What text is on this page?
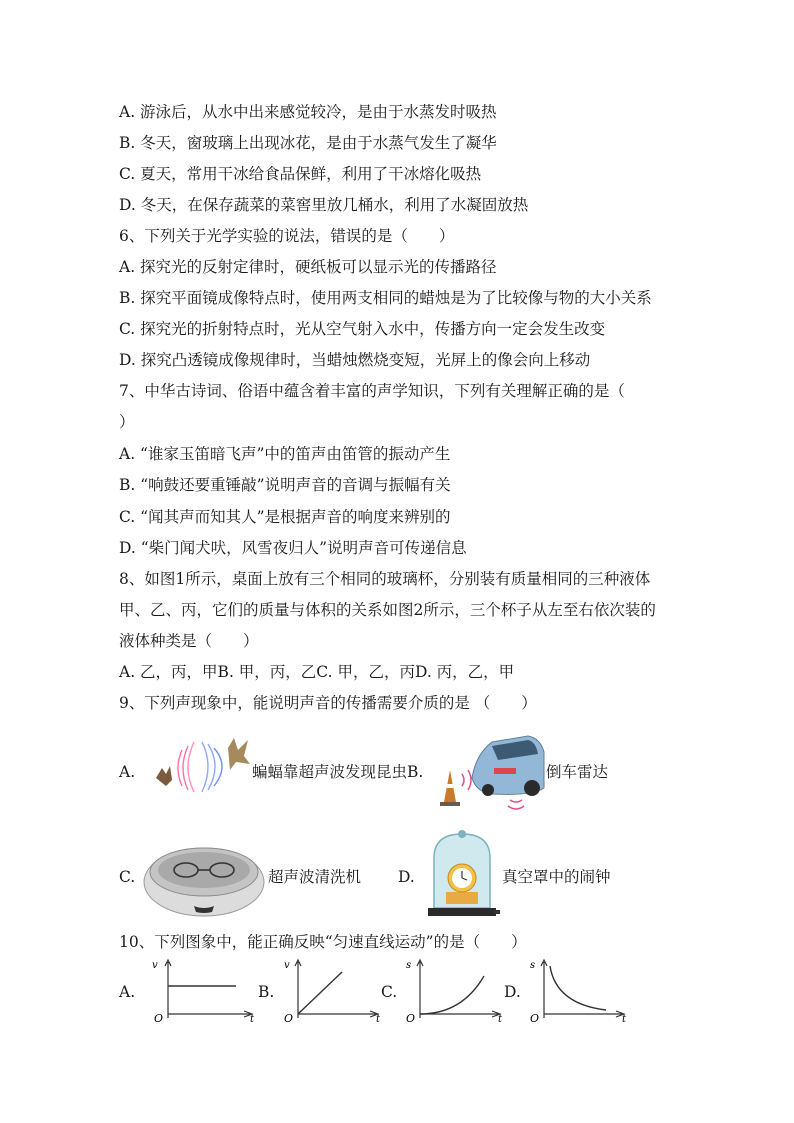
A. 游泳后，从水中出来感觉较冷，是由于水蒸发时吸热
B. 冬天，窗玻璃上出现冰花，是由于水蒸气发生了凝华
C. 夏天，常用干冰给食品保鲜，利用了干冰熔化吸热
D. 冬天，在保存蔬菜的菜窖里放几桶水，利用了水凝固放热
6、下列关于光学实验的说法，错误的是（　　）
A. 探究光的反射定律时，硬纸板可以显示光的传播路径
B. 探究平面镜成像特点时，使用两支相同的蜡烛是为了比较像与物的大小关系
C. 探究光的折射特点时，光从空气射入水中，传播方向一定会发生改变
D. 探究凸透镜成像规律时，当蜡烛燃烧变短，光屏上的像会向上移动
7、中华古诗词、俗语中蕴含着丰富的声学知识，下列有关理解正确的是（
）
A. “谁家玉笛暗飞声”中的笛声由笛管的振动产生
B. “响鼓还要重锤敲”说明声音的音调与振幅有关
C. “闻其声而知其人”是根据声音的响度来辨别的
D. “柴门闻犬吠，风雪夜归人”说明声音可传递信息
8、如图1所示，桌面上放有三个相同的玻璃杯，分别装有质量相同的三种液体
甲、乙、丙，它们的质量与体积的关系如图2所示，三个杯子从左至右依次装的
液体种类是（　　）
A. 乙，丙，甲B. 甲，丙，乙C. 甲，乙，丙D. 丙，乙，甲
9、下列声现象中，能说明声音的传播需要介质的是 （　　）
A.	蝙蝠靠超声波发现昆虫B.	倒车雷达
C.	超声波清洗机 D.	真空罩中的闹钟
10、下列图象中，能正确反映“匀速直线运动”的是（　　）
A.	B.	C.	D.
v
O	t
v
O	t
s
O	t
s
O	t
